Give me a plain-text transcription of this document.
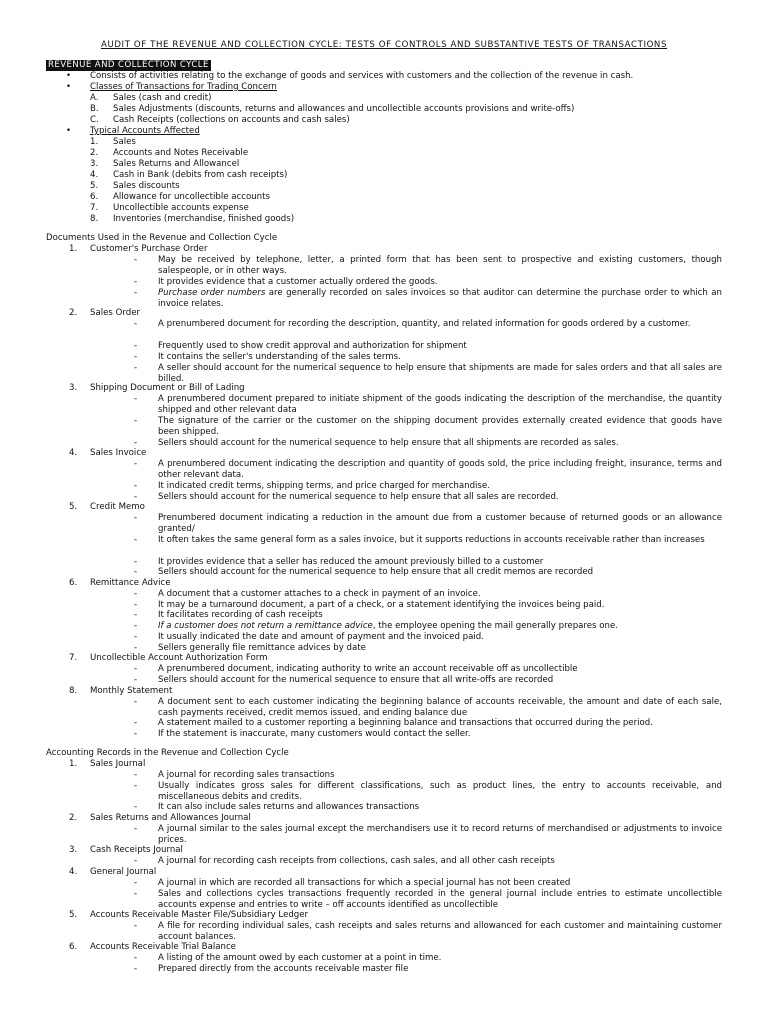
AUDIT OF THE REVENUE AND COLLECTION CYCLE: TESTS OF CONTROLS AND SUBSTANTIVE TESTS OF TRANSACTIONS
REVENUE AND COLLECTION CYCLE
• Consists of activities relating to the exchange of goods and services with customers and the collection of the revenue in cash.
• Classes of Transactions for Trading Concern
A. Sales (cash and credit)
B. Sales Adjustments (discounts, returns and allowances and uncollectible accounts provisions and write-offs)
C. Cash Receipts (collections on accounts and cash sales)
• Typical Accounts Affected
1. Sales
2. Accounts and Notes Receivable
3. Sales Returns and Allowancel
4. Cash in Bank (debits from cash receipts)
5. Sales discounts
6. Allowance for uncollectible accounts
7. Uncollectible accounts expense
8. Inventories (merchandise, finished goods)
Documents Used in the Revenue and Collection Cycle
1. Customer's Purchase Order
- May be received by telephone, letter, a printed form that has been sent to prospective and existing customers, though salespeople, or in other ways.
- It provides evidence that a customer actually ordered the goods.
- Purchase order numbers are generally recorded on sales invoices so that auditor can determine the purchase order to which an invoice relates.
2. Sales Order
- A prenumbered document for recording the description, quantity, and related information for goods ordered by a customer.
- Frequently used to show credit approval and authorization for shipment
- It contains the seller's understanding of the sales terms.
- A seller should account for the numerical sequence to help ensure that shipments are made for sales orders and that all sales are billed.
3. Shipping Document or Bill of Lading
- A prenumbered document prepared to initiate shipment of the goods indicating the description of the merchandise, the quantity shipped and other relevant data
- The signature of the carrier or the customer on the shipping document provides externally created evidence that goods have been shipped.
- Sellers should account for the numerical sequence to help ensure that all shipments are recorded as sales.
4. Sales Invoice
- A prenumbered document indicating the description and quantity of goods sold, the price including freight, insurance, terms and other relevant data.
- It indicated credit terms, shipping terms, and price charged for merchandise.
- Sellers should account for the numerical sequence to help ensure that all sales are recorded.
5. Credit Memo
- Prenumbered document indicating a reduction in the amount due from a customer because of returned goods or an allowance granted/
- It often takes the same general form as a sales invoice, but it supports reductions in accounts receivable rather than increases
- It provides evidence that a seller has reduced the amount previously billed to a customer
- Sellers should account for the numerical sequence to help ensure that all credit memos are recorded
6. Remittance Advice
- A document that a customer attaches to a check in payment of an invoice.
- It may be a turnaround document, a part of a check, or a statement identifying the invoices being paid.
- It facilitates recording of cash receipts
- If a customer does not return a remittance advice, the employee opening the mail generally prepares one.
- It usually indicated the date and amount of payment and the invoiced paid.
- Sellers generally file remittance advices by date
7. Uncollectible Account Authorization Form
- A prenumbered document, indicating authority to write an account receivable off as uncollectible
- Sellers should account for the numerical sequence to ensure that all write-offs are recorded
8. Monthly Statement
- A document sent to each customer indicating the beginning balance of accounts receivable, the amount and date of each sale, cash payments received, credit memos issued, and ending balance due
- A statement mailed to a customer reporting a beginning balance and transactions that occurred during the period.
- If the statement is inaccurate, many customers would contact the seller.
Accounting Records in the Revenue and Collection Cycle
1. Sales Journal
- A journal for recording sales transactions
- Usually indicates gross sales for different classifications, such as product lines, the entry to accounts receivable, and miscellaneous debits and credits.
- It can also include sales returns and allowances transactions
2. Sales Returns and Allowances Journal
- A journal similar to the sales journal except the merchandisers use it to record returns of merchandised or adjustments to invoice prices.
3. Cash Receipts Journal
- A journal for recording cash receipts from collections, cash sales, and all other cash receipts
4. General Journal
- A journal in which are recorded all transactions for which a special journal has not been created
- Sales and collections cycles transactions frequently recorded in the general journal include entries to estimate uncollectible accounts expense and entries to write – off accounts identified as uncollectible
5. Accounts Receivable Master File/Subsidiary Ledger
- A file for recording individual sales, cash receipts and sales returns and allowanced for each customer and maintaining customer account balances.
6. Accounts Receivable Trial Balance
- A listing of the amount owed by each customer at a point in time.
- Prepared directly from the accounts receivable master file
